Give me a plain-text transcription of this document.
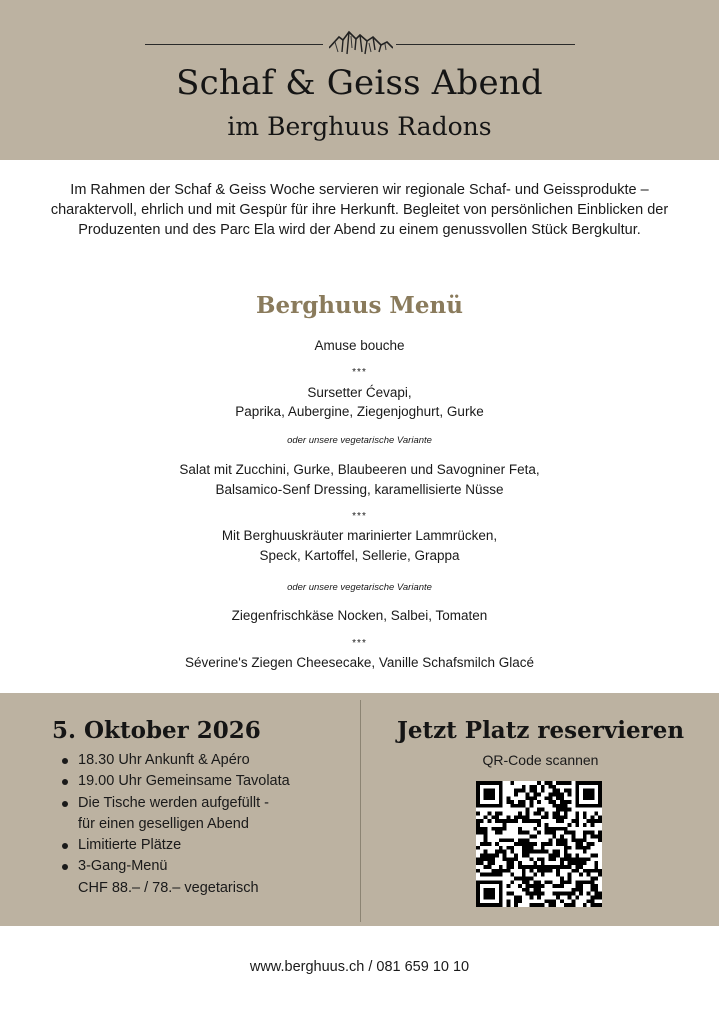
Schaf & Geiss Abend
im Berghuus Radons
Im Rahmen der Schaf & Geiss Woche servieren wir regionale Schaf- und Geissprodukte – charaktervoll, ehrlich und mit Gespür für ihre Herkunft. Begleitet von persönlichen Einblicken der Produzenten und des Parc Ela wird der Abend zu einem genussvollen Stück Bergkultur.
Berghuus Menü
Amuse bouche
***
Sursetter Ćevapi,
Paprika, Aubergine, Ziegenjoghurt, Gurke
oder unsere vegetarische Variante
Salat mit Zucchini, Gurke, Blaubeeren und Savogniner Feta,
Balsamico-Senf Dressing, karamellisierte Nüsse
***
Mit Berghuuskräuter marinierter Lammrücken,
Speck, Kartoffel, Sellerie, Grappa
oder unsere vegetarische Variante
Ziegenfrischkäse Nocken, Salbei, Tomaten
***
Séverine's Ziegen Cheesecake, Vanille Schafsmilch Glacé
5. Oktober 2026
18.30 Uhr Ankunft & Apéro
19.00 Uhr Gemeinsame Tavolata
Die Tische werden aufgefüllt -
für einen geselligen Abend
Limitierte Plätze
3-Gang-Menü
CHF 88.– / 78.– vegetarisch
Jetzt Platz reservieren
QR-Code scannen
www.berghuus.ch / 081 659 10 10
